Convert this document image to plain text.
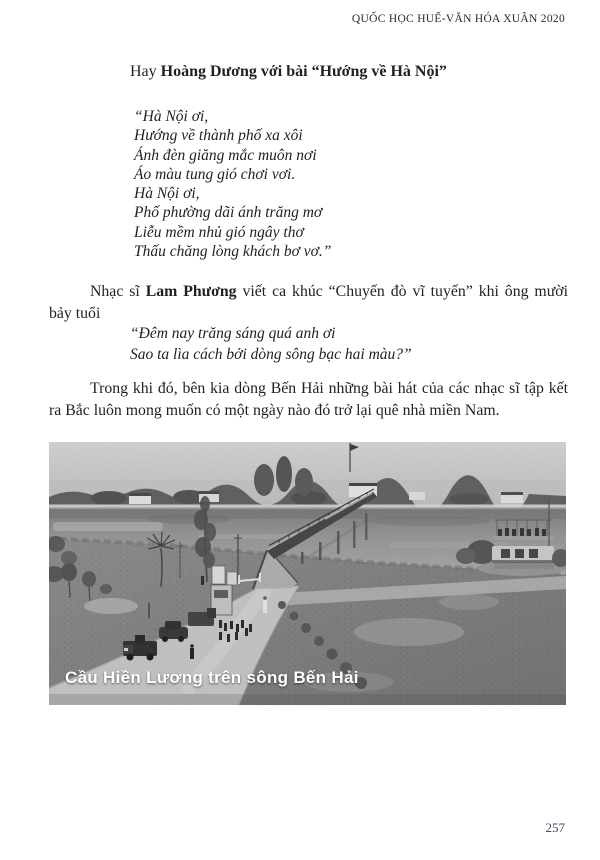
QUỐC HỌC HUẾ-VĂN HÓA XUÂN 2020
Hay Hoàng Dương với bài “Hướng về Hà Nội”
“Hà Nội ơi,
Hướng về thành phố xa xôi
Ánh đèn giăng mắc muôn nơi
Áo màu tung gió chơi vơi.
Hà Nội ơi,
Phố phường dãi ánh trăng mơ
Liễu mềm nhủ gió ngây thơ
Thấu chăng lòng khách bơ vơ.”

Nhạc sĩ Lam Phương viết ca khúc “Chuyến đò vĩ tuyến” khi ông mười bảy tuổi

“Đêm nay trăng sáng quá anh ơi
Sao ta lìa cách bởi dòng sông bạc hai màu?”

Trong khi đó, bên kia dòng Bến Hải những bài hát của các nhạc sĩ tập kết ra Bắc luôn mong muốn có một ngày nào đó trở lại quê nhà miền Nam.

Cầu Hiền Lương trên sông Bến Hải
257
